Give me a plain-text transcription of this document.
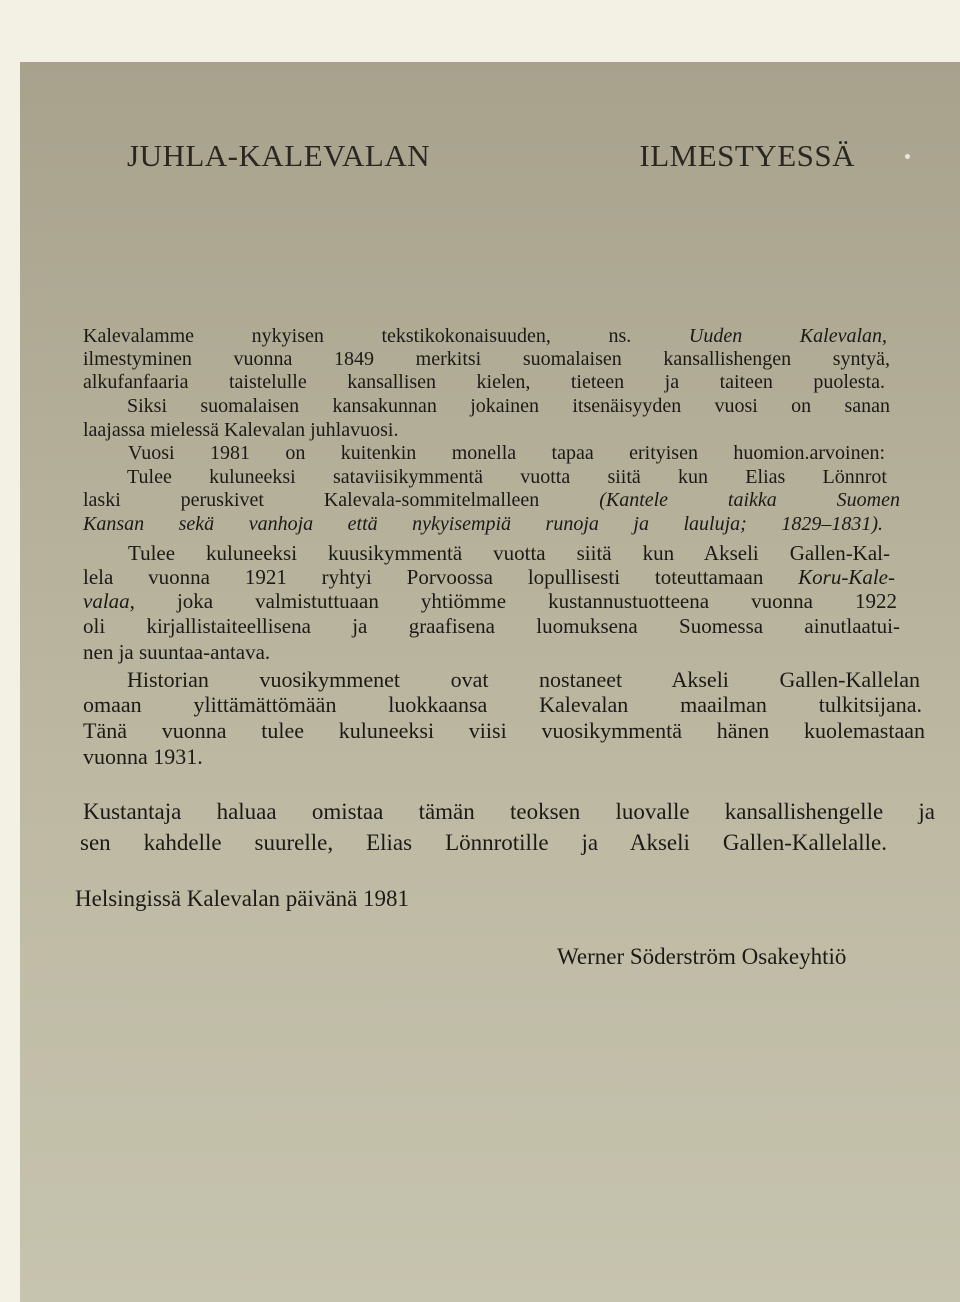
JUHLA-KALEVALAN ILMESTYESSÄ
Kalevalamme nykyisen tekstikokonaisuuden, ns. Uuden Kalevalan,
ilmestyminen vuonna 1849 merkitsi suomalaisen kansallishengen syntyä,
alkufanfaaria taistelulle kansallisen kielen, tieteen ja taiteen puolesta.
Siksi suomalaisen kansakunnan jokainen itsenäisyyden vuosi on sanan
laajassa mielessä Kalevalan juhlavuosi.
Vuosi 1981 on kuitenkin monella tapaa erityisen huomion.arvoinen:
Tulee kuluneeksi sataviisikymmentä vuotta siitä kun Elias Lönnrot
laski peruskivet Kalevala-sommitelmalleen (Kantele taikka Suomen
Kansan sekä vanhoja että nykyisempiä runoja ja lauluja; 1829–1831).
Tulee kuluneeksi kuusikymmentä vuotta siitä kun Akseli Gallen-Kal-
lela vuonna 1921 ryhtyi Porvoossa lopullisesti toteuttamaan Koru-Kale-
valaa, joka valmistuttuaan yhtiömme kustannustuotteena vuonna 1922
oli kirjallistaiteellisena ja graafisena luomuksena Suomessa ainutlaatui-
nen ja suuntaa-antava.
Historian vuosikymmenet ovat nostaneet Akseli Gallen-Kallelan
omaan ylittämättömään luokkaansa Kalevalan maailman tulkitsijana.
Tänä vuonna tulee kuluneeksi viisi vuosikymmentä hänen kuolemastaan
vuonna 1931.
Kustantaja haluaa omistaa tämän teoksen luovalle kansallishengelle ja
sen kahdelle suurelle, Elias Lönnrotille ja Akseli Gallen-Kallelalle.
Helsingissä Kalevalan päivänä 1981
Werner Söderström Osakeyhtiö
